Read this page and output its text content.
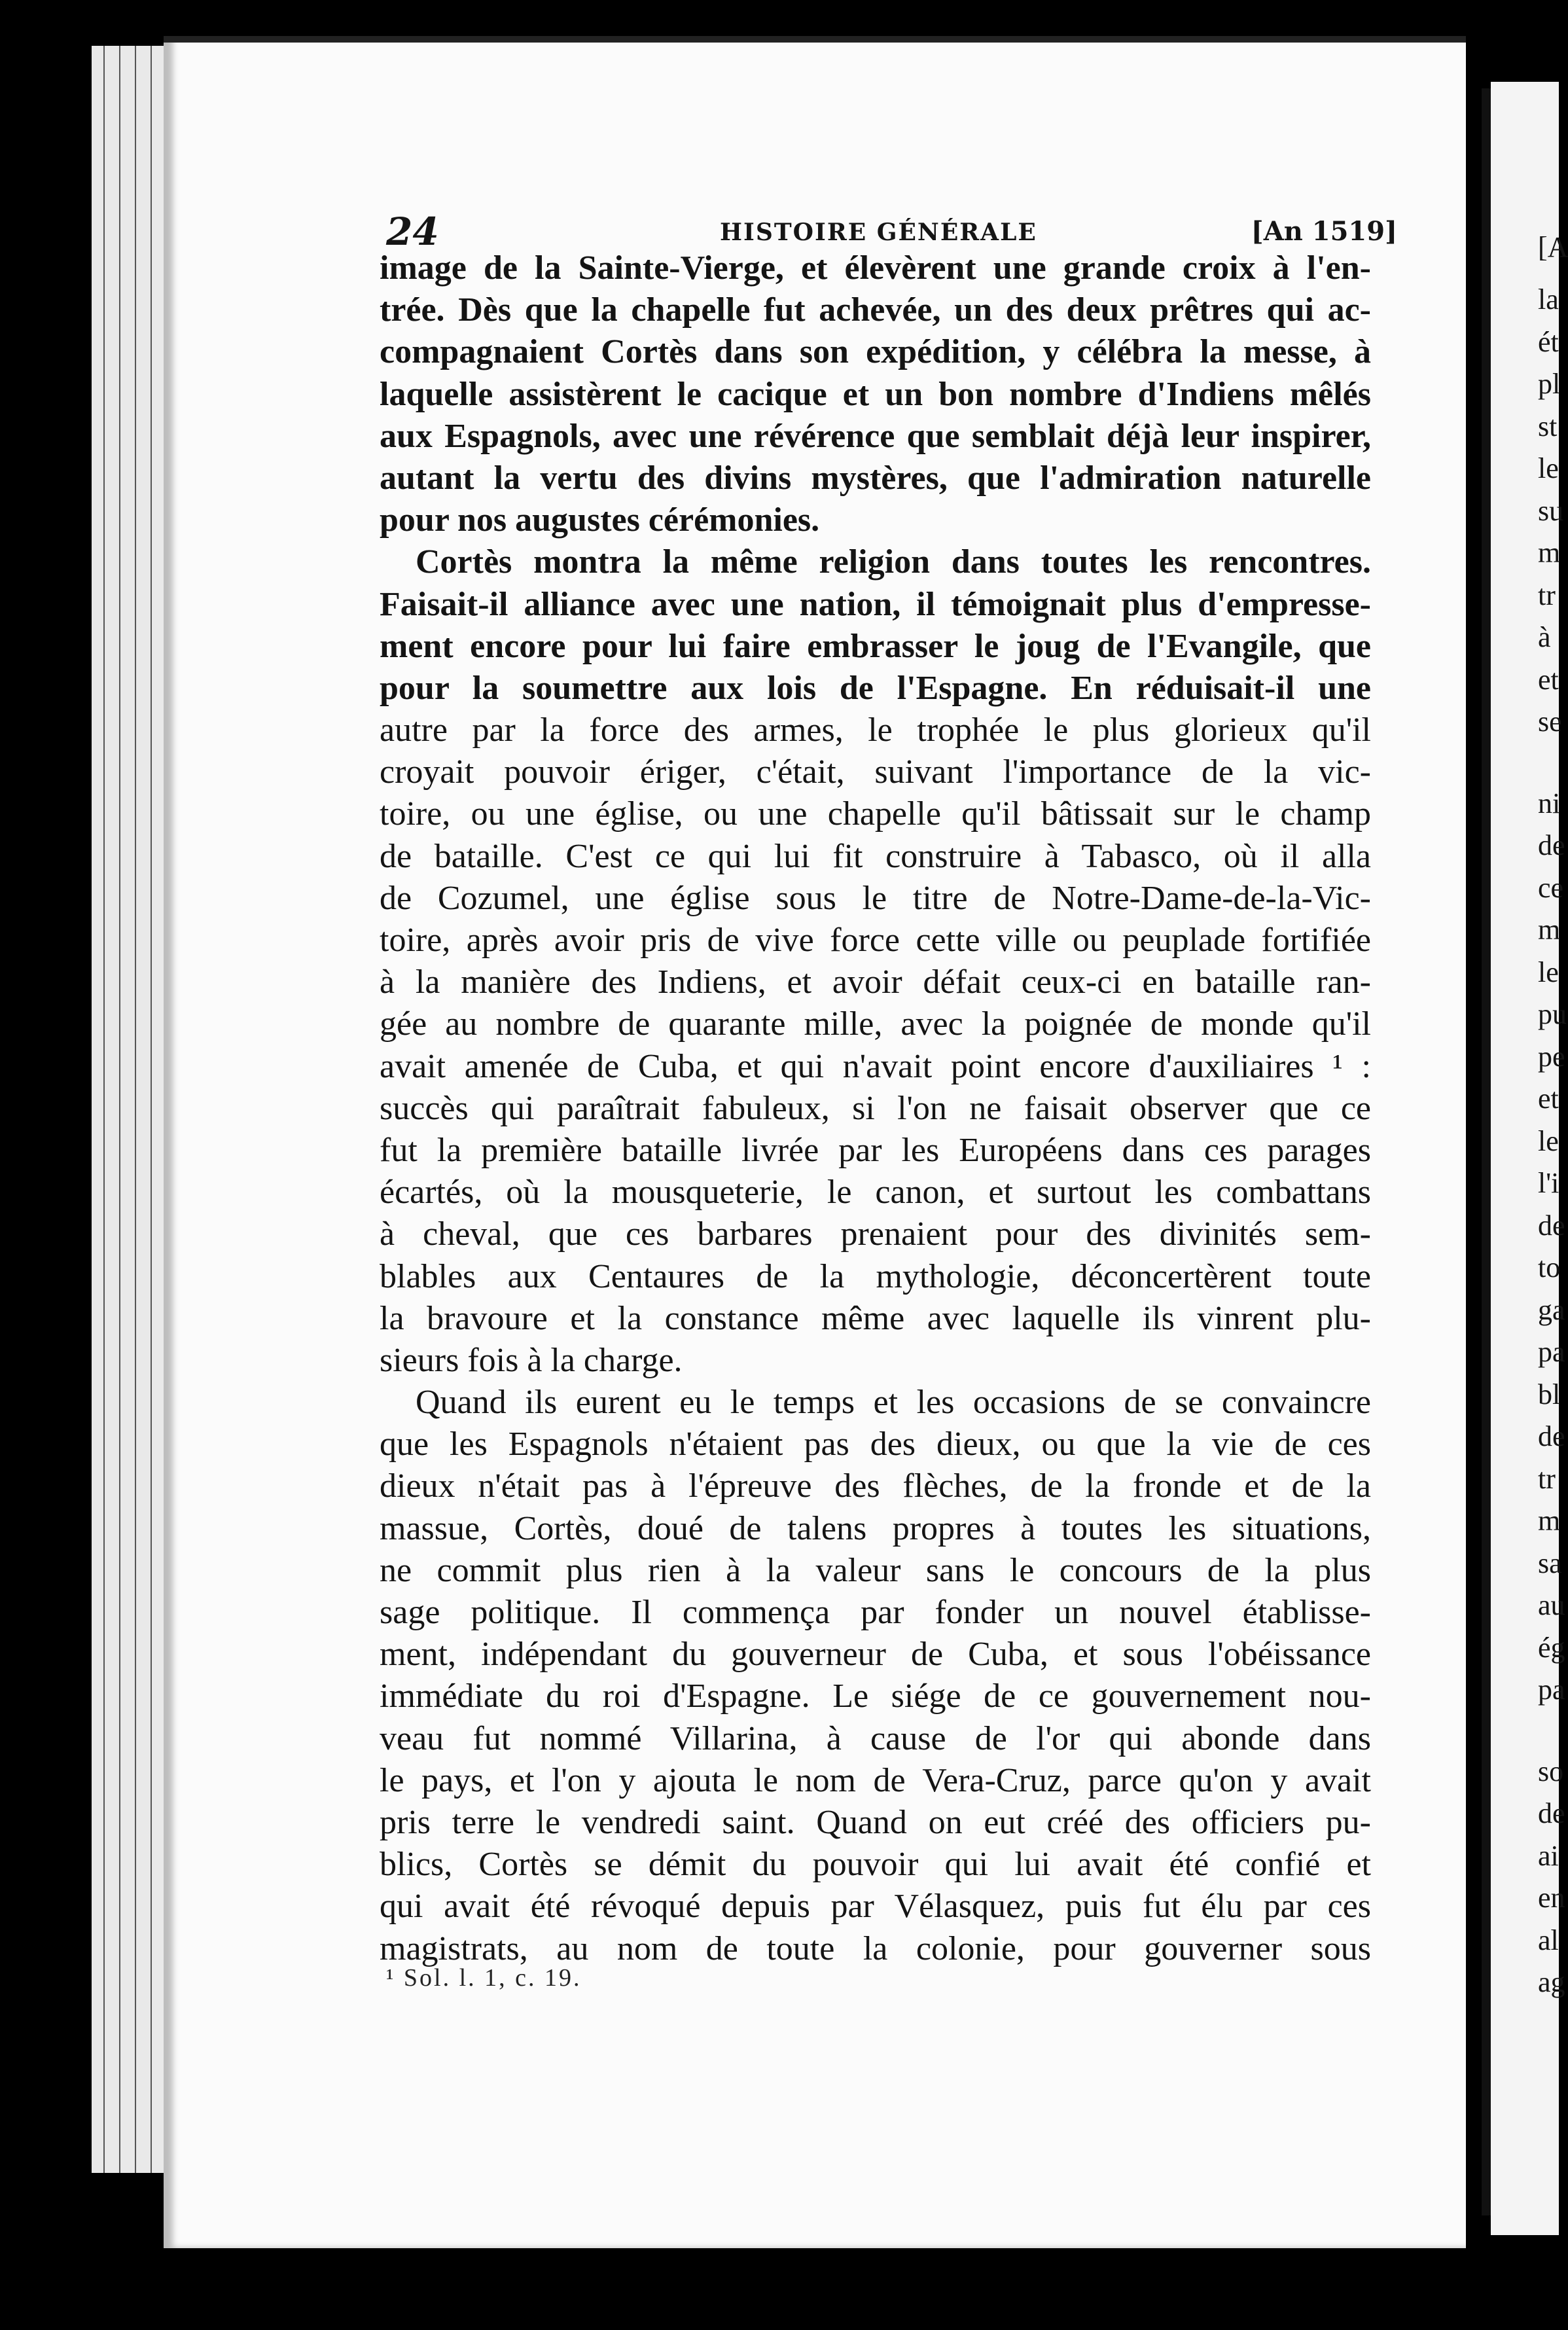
24	HISTOIRE GÉNÉRALE	[An 1519]
image de la Sainte-Vierge, et élevèrent une grande croix à l'en-
trée. Dès que la chapelle fut achevée, un des deux prêtres qui ac-
compagnaient Cortès dans son expédition, y célébra la messe, à
laquelle assistèrent le cacique et un bon nombre d'Indiens mêlés
aux Espagnols, avec une révérence que semblait déjà leur inspirer,
autant la vertu des divins mystères, que l'admiration naturelle
pour nos augustes cérémonies.
Cortès montra la même religion dans toutes les rencontres.
Faisait-il alliance avec une nation, il témoignait plus d'empresse-
ment encore pour lui faire embrasser le joug de l'Evangile, que
pour la soumettre aux lois de l'Espagne. En réduisait-il une
autre par la force des armes, le trophée le plus glorieux qu'il
croyait pouvoir ériger, c'était, suivant l'importance de la vic-
toire, ou une église, ou une chapelle qu'il bâtissait sur le champ
de bataille. C'est ce qui lui fit construire à Tabasco, où il alla
de Cozumel, une église sous le titre de Notre-Dame-de-la-Vic-
toire, après avoir pris de vive force cette ville ou peuplade fortifiée
à la manière des Indiens, et avoir défait ceux-ci en bataille ran-
gée au nombre de quarante mille, avec la poignée de monde qu'il
avait amenée de Cuba, et qui n'avait point encore d'auxiliaires ¹ :
succès qui paraîtrait fabuleux, si l'on ne faisait observer que ce
fut la première bataille livrée par les Européens dans ces parages
écartés, où la mousqueterie, le canon, et surtout les combattans
à cheval, que ces barbares prenaient pour des divinités sem-
blables aux Centaures de la mythologie, déconcertèrent toute
la bravoure et la constance même avec laquelle ils vinrent plu-
sieurs fois à la charge.
Quand ils eurent eu le temps et les occasions de se convaincre
que les Espagnols n'étaient pas des dieux, ou que la vie de ces
dieux n'était pas à l'épreuve des flèches, de la fronde et de la
massue, Cortès, doué de talens propres à toutes les situations,
ne commit plus rien à la valeur sans le concours de la plus
sage politique. Il commença par fonder un nouvel établisse-
ment, indépendant du gouverneur de Cuba, et sous l'obéissance
immédiate du roi d'Espagne. Le siége de ce gouvernement nou-
veau fut nommé Villarina, à cause de l'or qui abonde dans
le pays, et l'on y ajouta le nom de Vera-Cruz, parce qu'on y avait
pris terre le vendredi saint. Quand on eut créé des officiers pu-
blics, Cortès se démit du pouvoir qui lui avait été confié et
qui avait été révoqué depuis par Vélasquez, puis fut élu par ces
magistrats, au nom de toute la colonie, pour gouverner sous
¹ Sol. l. 1, c. 19.
[A
la
ét
pl
st
le
su
m
tr
à
et
se
ni
de
ce
m
le
pu
pe
et
le
l'i
de
to
ga
pa
bl
de
tr
m
sa
au
ég
pa
so
de
ai
en
al
ag
